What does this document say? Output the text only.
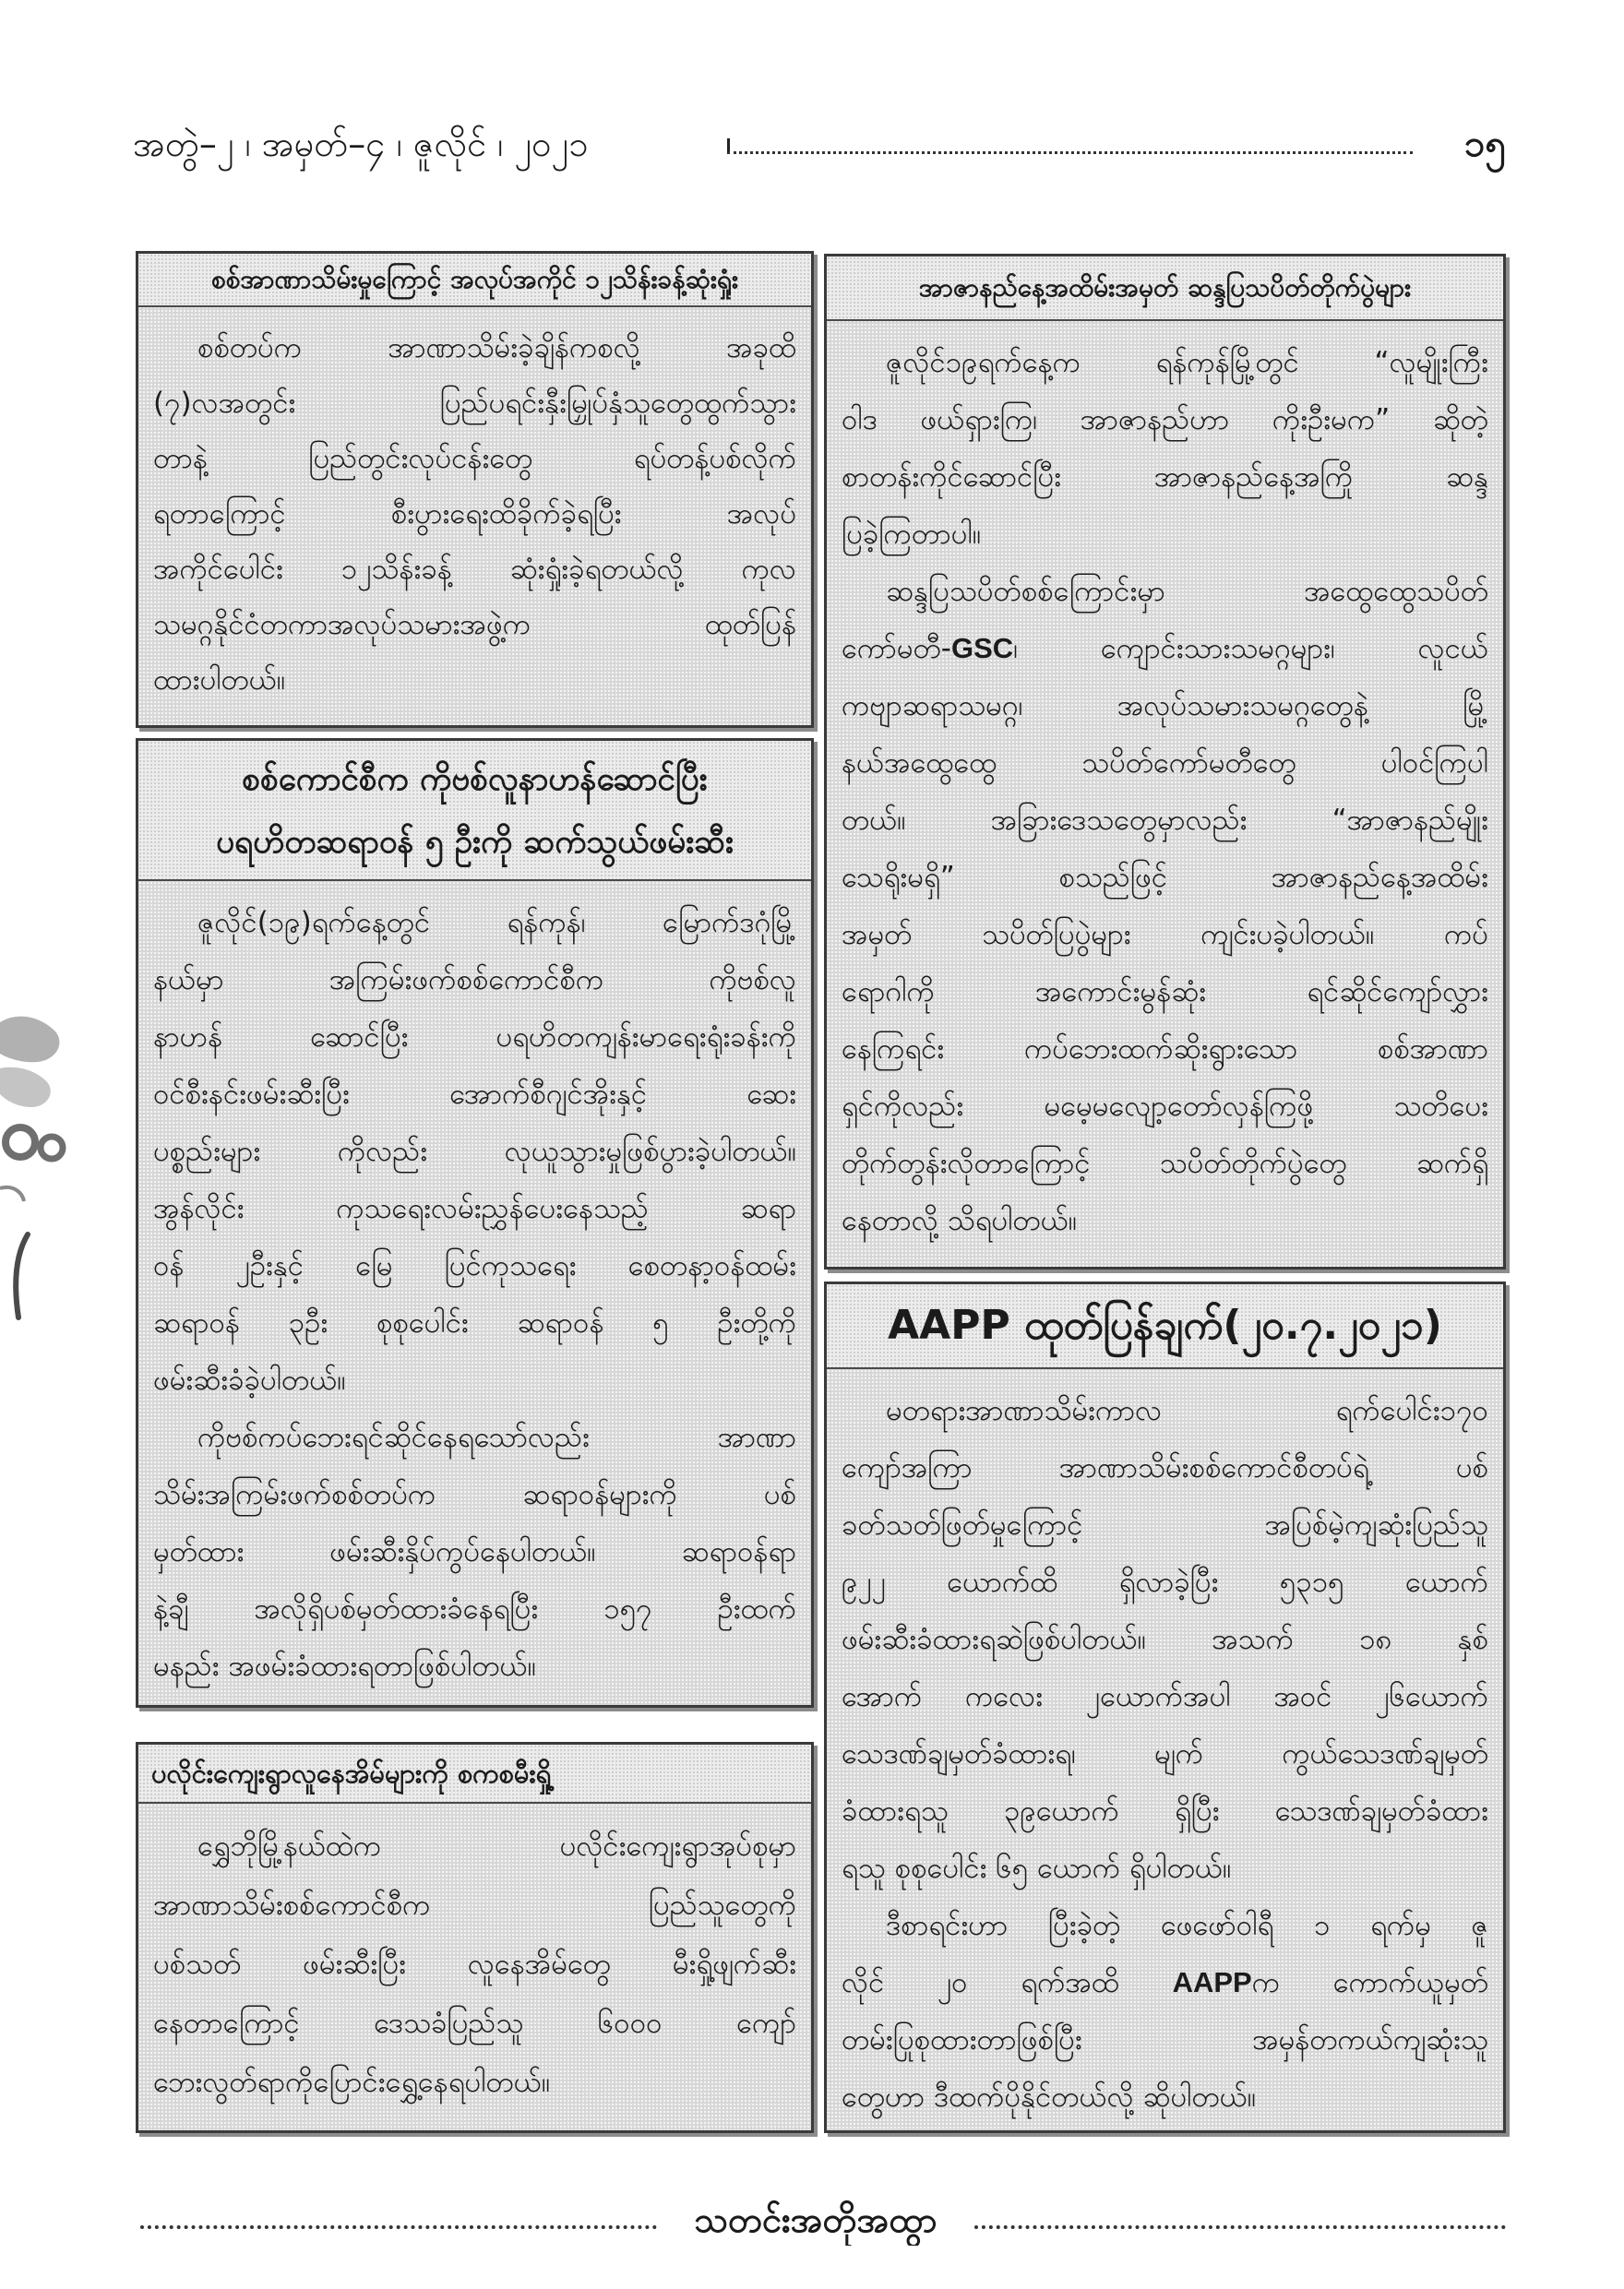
အတွဲ–၂ ၊ အမှတ်–၄ ၊ ဇူလိုင် ၊ ၂၀၂၁	၁၅
စစ်အာဏာသိမ်းမှုကြောင့် အလုပ်အကိုင် ၁၂သိန်းခန့်ဆုံးရှုံး
စစ်တပ်က အာဏာသိမ်းခဲ့ချိန်ကစလို့ အခုထိ
(၇)လအတွင်း ပြည်ပရင်းနှီးမြှုပ်နှံသူတွေထွက်သွား
တာနဲ့ ပြည်တွင်းလုပ်ငန်းတွေ ရပ်တန့်ပစ်လိုက်
ရတာကြောင့် စီးပွားရေးထိခိုက်ခဲ့ရပြီး အလုပ်
အကိုင်ပေါင်း ၁၂သိန်းခန့် ဆုံးရှုံးခဲ့ရတယ်လို့ ကုလ
သမဂ္ဂနိုင်ငံတကာအလုပ်သမားအဖွဲ့က ထုတ်ပြန်
ထားပါတယ်။
စစ်ကောင်စီက ကိုဗစ်လူနာဟန်ဆောင်ပြီး
ပရဟိတဆရာဝန် ၅ ဦးကို ဆက်သွယ်ဖမ်းဆီး
ဇူလိုင်(၁၉)ရက်နေ့တွင် ရန်ကုန်၊ မြောက်ဒဂုံမြို့
နယ်မှာ အကြမ်းဖက်စစ်ကောင်စီက ကိုဗစ်လူ
နာဟန် ဆောင်ပြီး ပရဟိတကျန်းမာရေးရုံးခန်းကို
ဝင်စီးနင်းဖမ်းဆီးပြီး အောက်စီဂျင်အိုးနှင့် ဆေး
ပစ္စည်းများ ကိုလည်း လုယူသွားမှုဖြစ်ပွားခဲ့ပါတယ်။
အွန်လိုင်း ကုသရေးလမ်းညွှန်ပေးနေသည့် ဆရာ
ဝန် ၂ဦးနှင့် မြေ ပြင်ကုသရေး စေတနာ့ဝန်ထမ်း
ဆရာဝန် ၃ဦး စုစုပေါင်း ဆရာဝန် ၅ ဦးတို့ကို
ဖမ်းဆီးခံခဲ့ပါတယ်။
ကိုဗစ်ကပ်ဘေးရင်ဆိုင်နေရသော်လည်း အာဏာ
သိမ်းအကြမ်းဖက်စစ်တပ်က ဆရာဝန်များကို ပစ်
မှတ်ထား ဖမ်းဆီးနှိပ်ကွပ်နေပါတယ်။ ဆရာဝန်ရာ
နဲ့ချီ အလိုရှိပစ်မှတ်ထားခံနေရပြီး ၁၅၇ ဦးထက်
မနည်း အဖမ်းခံထားရတာဖြစ်ပါတယ်။
ပလိုင်းကျေးရွာလူနေအိမ်များကို စကစမီးရှို့
ရွှေဘိုမြို့နယ်ထဲက ပလိုင်းကျေးရွာအုပ်စုမှာ
အာဏာသိမ်းစစ်ကောင်စီက ပြည်သူတွေကို
ပစ်သတ် ဖမ်းဆီးပြီး လူနေအိမ်တွေ မီးရှို့ဖျက်ဆီး
နေတာကြောင့် ဒေသခံပြည်သူ ၆၀၀၀ ကျော်
ဘေးလွတ်ရာကိုပြောင်းရွှေ့နေရပါတယ်။
အာဇာနည်နေ့အထိမ်းအမှတ် ဆန္ဒပြသပိတ်တိုက်ပွဲများ
ဇူလိုင်၁၉ရက်နေ့က ရန်ကုန်မြို့တွင် “လူမျိုးကြီး
ဝါဒ ဖယ်ရှားကြ၊ အာဇာနည်ဟာ ကိုးဦးမက” ဆိုတဲ့
စာတန်းကိုင်ဆောင်ပြီး အာဇာနည်နေ့အကြို ဆန္ဒ
ပြခဲ့ကြတာပါ။
ဆန္ဒပြသပိတ်စစ်ကြောင်းမှာ အထွေထွေသပိတ်
ကော်မတီ-GSC၊ ကျောင်းသားသမဂ္ဂများ၊ လူငယ်
ကဗျာဆရာသမဂ္ဂ၊ အလုပ်သမားသမဂ္ဂတွေနဲ့ မြို့
နယ်အထွေထွေ သပိတ်ကော်မတီတွေ ပါဝင်ကြပါ
တယ်။ အခြားဒေသတွေမှာလည်း “အာဇာနည်မျိုး
သေရိုးမရှိ” စသည်ဖြင့် အာဇာနည်နေ့အထိမ်း
အမှတ် သပိတ်ပြပွဲများ ကျင်းပခဲ့ပါတယ်။ ကပ်
ရောဂါကို အကောင်းမွန်ဆုံး ရင်ဆိုင်ကျော်လွှား
နေကြရင်း ကပ်ဘေးထက်ဆိုးရွားသော စစ်အာဏာ
ရှင်ကိုလည်း မမေ့မလျော့တော်လှန်ကြဖို့ သတိပေး
တိုက်တွန်းလိုတာကြောင့် သပိတ်တိုက်ပွဲတွေ ဆက်ရှိ
နေတာလို့ သိရပါတယ်။
AAPP ထုတ်ပြန်ချက်(၂၀.၇.၂၀၂၁)
မတရားအာဏာသိမ်းကာလ ရက်ပေါင်း၁၇၀
ကျော်အကြာ အာဏာသိမ်းစစ်ကောင်စီတပ်ရဲ့ ပစ်
ခတ်သတ်ဖြတ်မှုကြောင့် အပြစ်မဲ့ကျဆုံးပြည်သူ
၉၂၂ ယောက်ထိ ရှိလာခဲ့ပြီး ၅၃၁၅ ယောက်
ဖမ်းဆီးခံထားရဆဲဖြစ်ပါတယ်။ အသက် ၁၈ နှစ်
အောက် ကလေး ၂ယောက်အပါ အဝင် ၂၆ယောက်
သေဒဏ်ချမှတ်ခံထားရ၊ မျက် ကွယ်သေဒဏ်ချမှတ်
ခံထားရသူ ၃၉ယောက် ရှိပြီး သေဒဏ်ချမှတ်ခံထား
ရသူ စုစုပေါင်း ၆၅ ယောက် ရှိပါတယ်။
ဒီစာရင်းဟာ ပြီးခဲ့တဲ့ ဖေဖော်ဝါရီ ၁ ရက်မှ ဇူ
လိုင် ၂၀ ရက်အထိ AAPPက ကောက်ယူမှတ်
တမ်းပြုစုထားတာဖြစ်ပြီး အမှန်တကယ်ကျဆုံးသူ
တွေဟာ ဒီထက်ပိုနိုင်တယ်လို့ ဆိုပါတယ်။
သတင်းအတိုအထွာ
